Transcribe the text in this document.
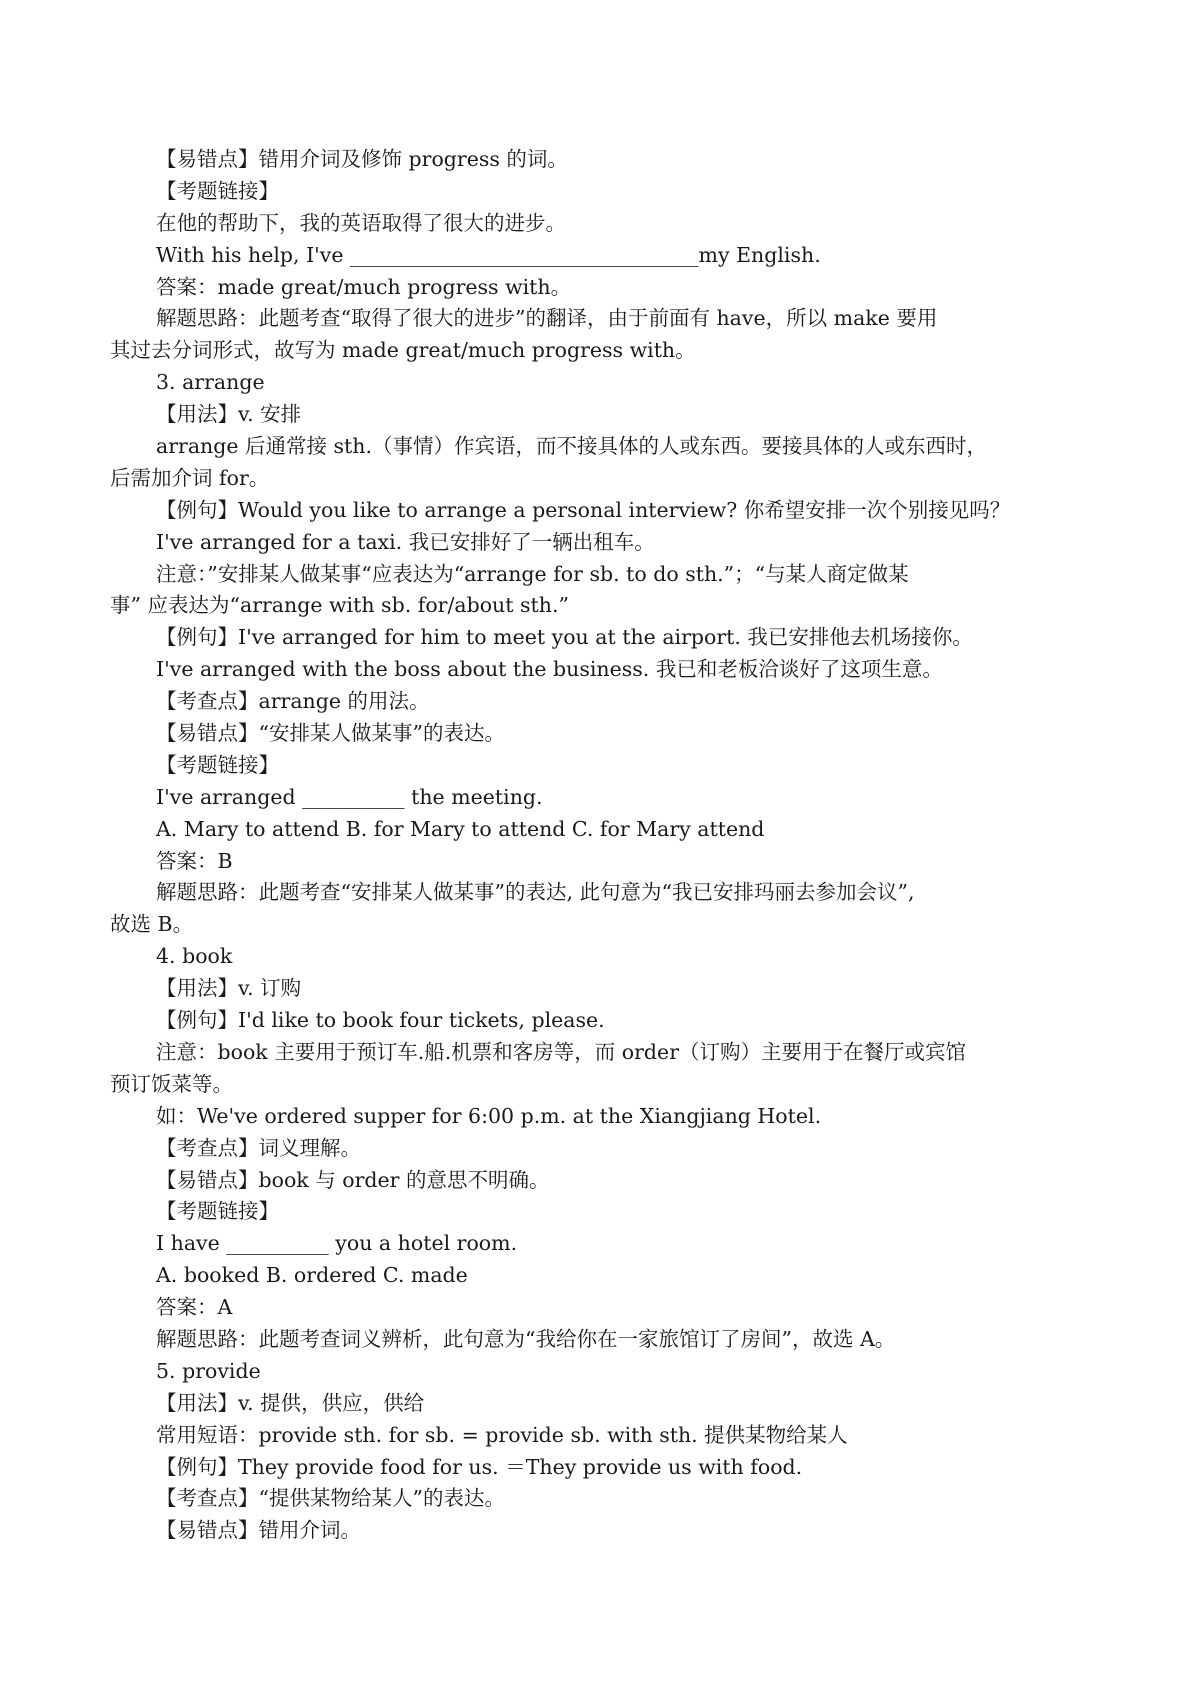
【易错点】错用介词及修饰 progress 的词。
【考题链接】
在他的帮助下，我的英语取得了很大的进步。
With his help, I've __________________________________my English.
答案：made great/much progress with。
解题思路：此题考查“取得了很大的进步”的翻译，由于前面有 have，所以 make 要用
其过去分词形式，故写为 made great/much progress with。
3. arrange
【用法】v. 安排
arrange 后通常接 sth.（事情）作宾语，而不接具体的人或东西。要接具体的人或东西时，
后需加介词 for。
【例句】Would you like to arrange a personal interview? 你希望安排一次个别接见吗？
I've arranged for a taxi. 我已安排好了一辆出租车。
注意：”安排某人做某事“应表达为“arrange for sb. to do sth.”；“与某人商定做某
事” 应表达为“arrange with sb. for/about sth.”
【例句】I've arranged for him to meet you at the airport. 我已安排他去机场接你。
I've arranged with the boss about the business. 我已和老板洽谈好了这项生意。
【考查点】arrange 的用法。
【易错点】“安排某人做某事”的表达。
【考题链接】
I've arranged __________ the meeting.
A. Mary to attend B. for Mary to attend C. for Mary attend
答案：B
解题思路：此题考查“安排某人做某事”的表达, 此句意为“我已安排玛丽去参加会议”,
故选 B。
4. book
【用法】v. 订购
【例句】I'd like to book four tickets, please.
注意：book 主要用于预订车.船.机票和客房等，而 order（订购）主要用于在餐厅或宾馆
预订饭菜等。
如：We've ordered supper for 6:00 p.m. at the Xiangjiang Hotel.
【考查点】词义理解。
【易错点】book 与 order 的意思不明确。
【考题链接】
I have __________ you a hotel room.
A. booked B. ordered C. made
答案：A
解题思路：此题考查词义辨析，此句意为“我给你在一家旅馆订了房间”，故选 A。
5. provide
【用法】v. 提供，供应，供给
常用短语：provide sth. for sb. = provide sb. with sth. 提供某物给某人
【例句】They provide food for us. ＝They provide us with food.
【考查点】“提供某物给某人”的表达。
【易错点】错用介词。
